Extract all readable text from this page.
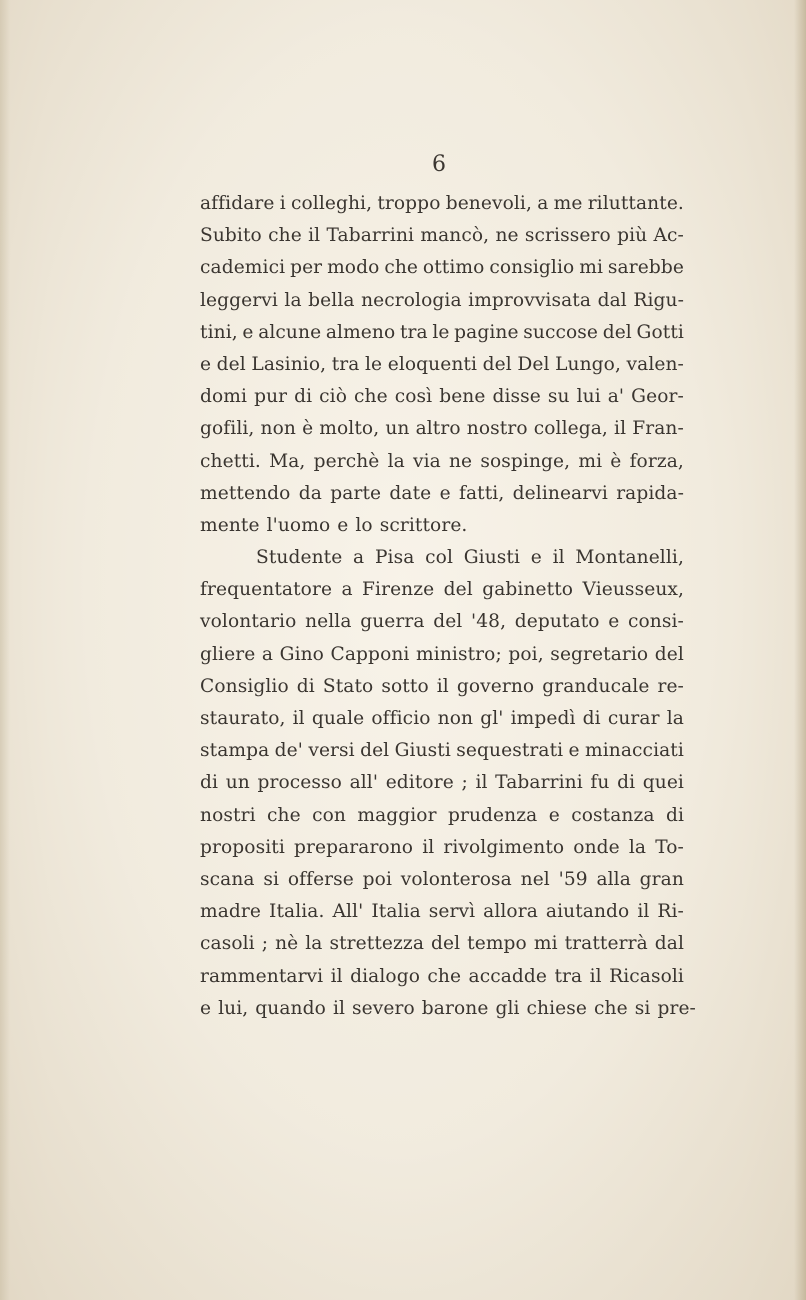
6
affidare i colleghi, troppo benevoli, a me riluttante.
Subito che il Tabarrini mancò, ne scrissero più Ac-
cademici per modo che ottimo consiglio mi sarebbe
leggervi la bella necrologia improvvisata dal Rigu-
tini, e alcune almeno tra le pagine succose del Gotti
e del Lasinio, tra le eloquenti del Del Lungo, valen-
domi pur di ciò che così bene disse su lui a' Geor-
gofili, non è molto, un altro nostro collega, il Fran-
chetti. Ma, perchè la via ne sospinge, mi è forza,
mettendo da parte date e fatti, delinearvi rapida-
mente l'uomo e lo scrittore.
Studente a Pisa col Giusti e il Montanelli,
frequentatore a Firenze del gabinetto Vieusseux,
volontario nella guerra del '48, deputato e consi-
gliere a Gino Capponi ministro; poi, segretario del
Consiglio di Stato sotto il governo granducale re-
staurato, il quale officio non gl' impedì di curar la
stampa de' versi del Giusti sequestrati e minacciati
di un processo all' editore ; il Tabarrini fu di quei
nostri che con maggior prudenza e costanza di
propositi prepararono il rivolgimento onde la To-
scana si offerse poi volonterosa nel '59 alla gran
madre Italia. All' Italia servì allora aiutando il Ri-
casoli ; nè la strettezza del tempo mi tratterrà dal
rammentarvi il dialogo che accadde tra il Ricasoli
e lui, quando il severo barone gli chiese che si pre-
